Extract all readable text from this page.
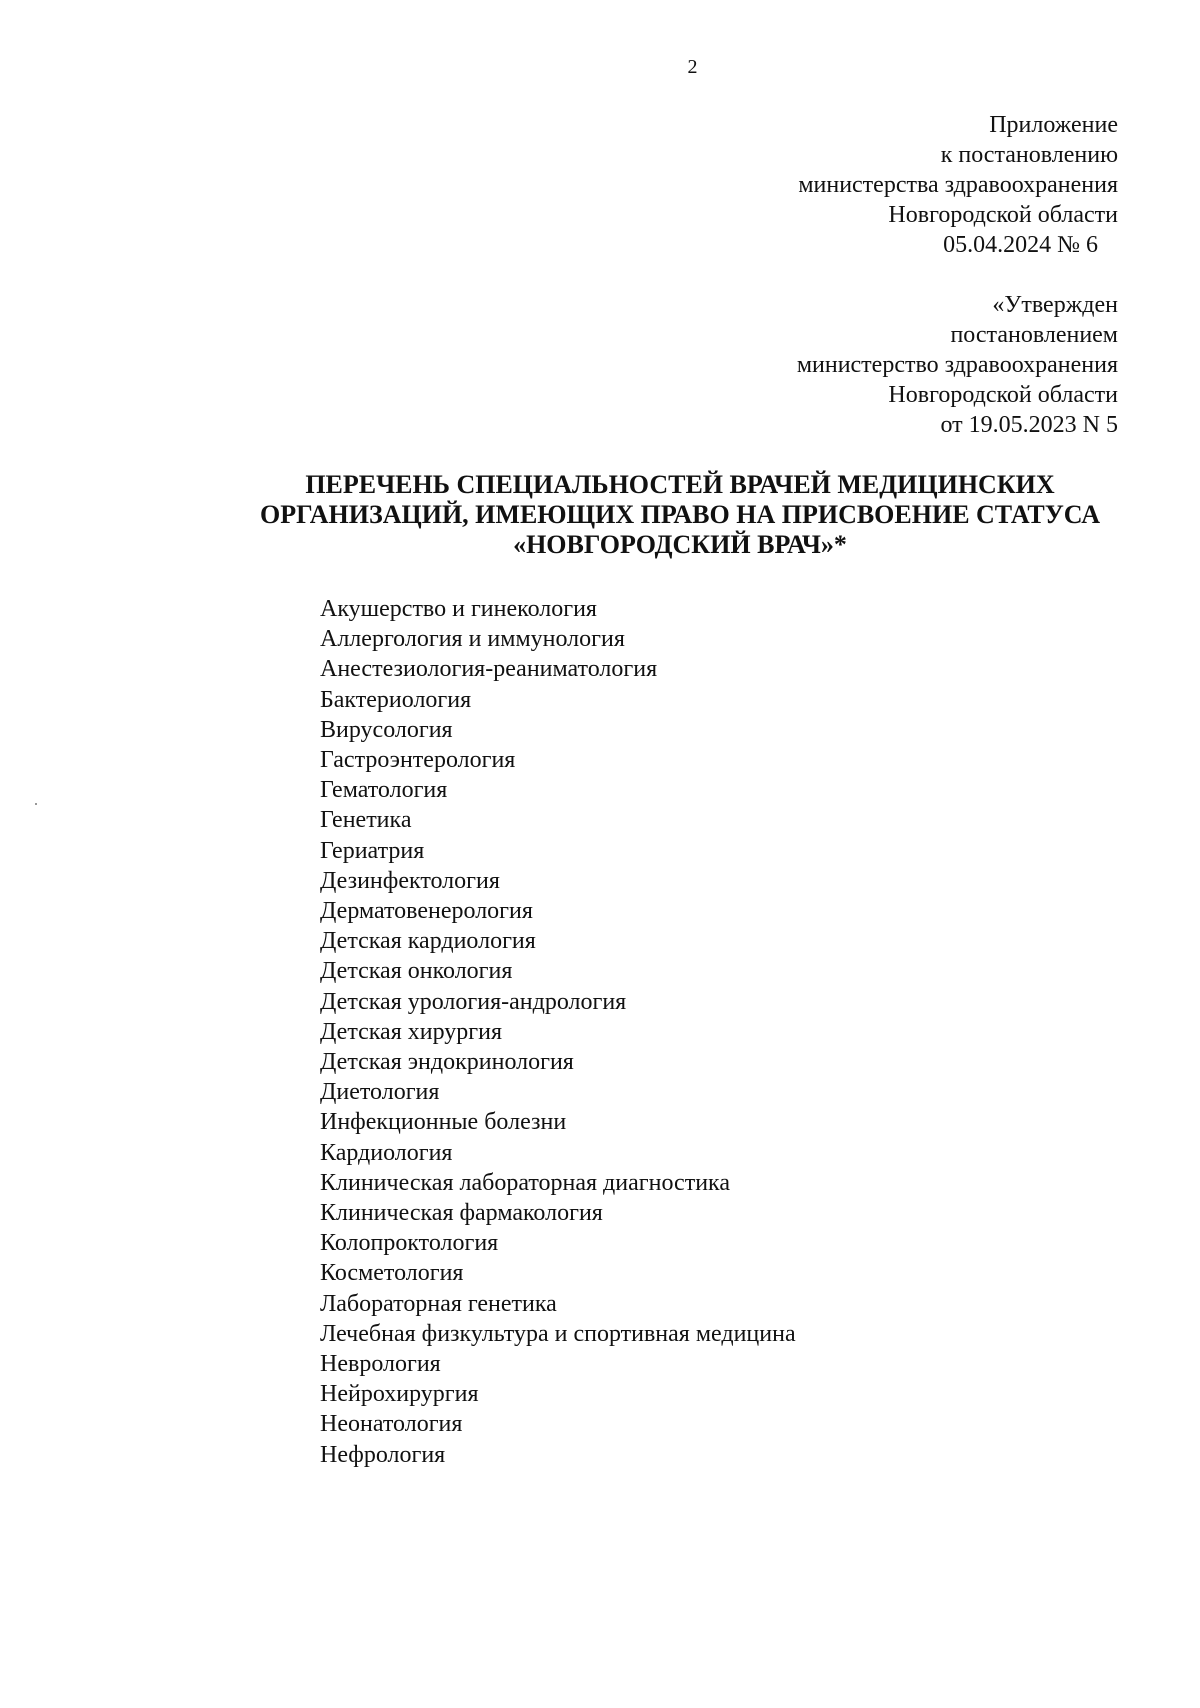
2
Приложение
к постановлению
министерства здравоохранения
Новгородской области
05.04.2024 № 6
«Утвержден
постановлением
министерство здравоохранения
Новгородской области
от 19.05.2023 N 5
ПЕРЕЧЕНЬ СПЕЦИАЛЬНОСТЕЙ ВРАЧЕЙ МЕДИЦИНСКИХ
ОРГАНИЗАЦИЙ, ИМЕЮЩИХ ПРАВО НА ПРИСВОЕНИЕ СТАТУСА
«НОВГОРОДСКИЙ ВРАЧ»*
Акушерство и гинекология
Аллергология и иммунология
Анестезиология-реаниматология
Бактериология
Вирусология
Гастроэнтерология
Гематология
Генетика
Гериатрия
Дезинфектология
Дерматовенерология
Детская кардиология
Детская онкология
Детская урология-андрология
Детская хирургия
Детская эндокринология
Диетология
Инфекционные болезни
Кардиология
Клиническая лабораторная диагностика
Клиническая фармакология
Колопроктология
Косметология
Лабораторная генетика
Лечебная физкультура и спортивная медицина
Неврология
Нейрохирургия
Неонатология
Нефрология
